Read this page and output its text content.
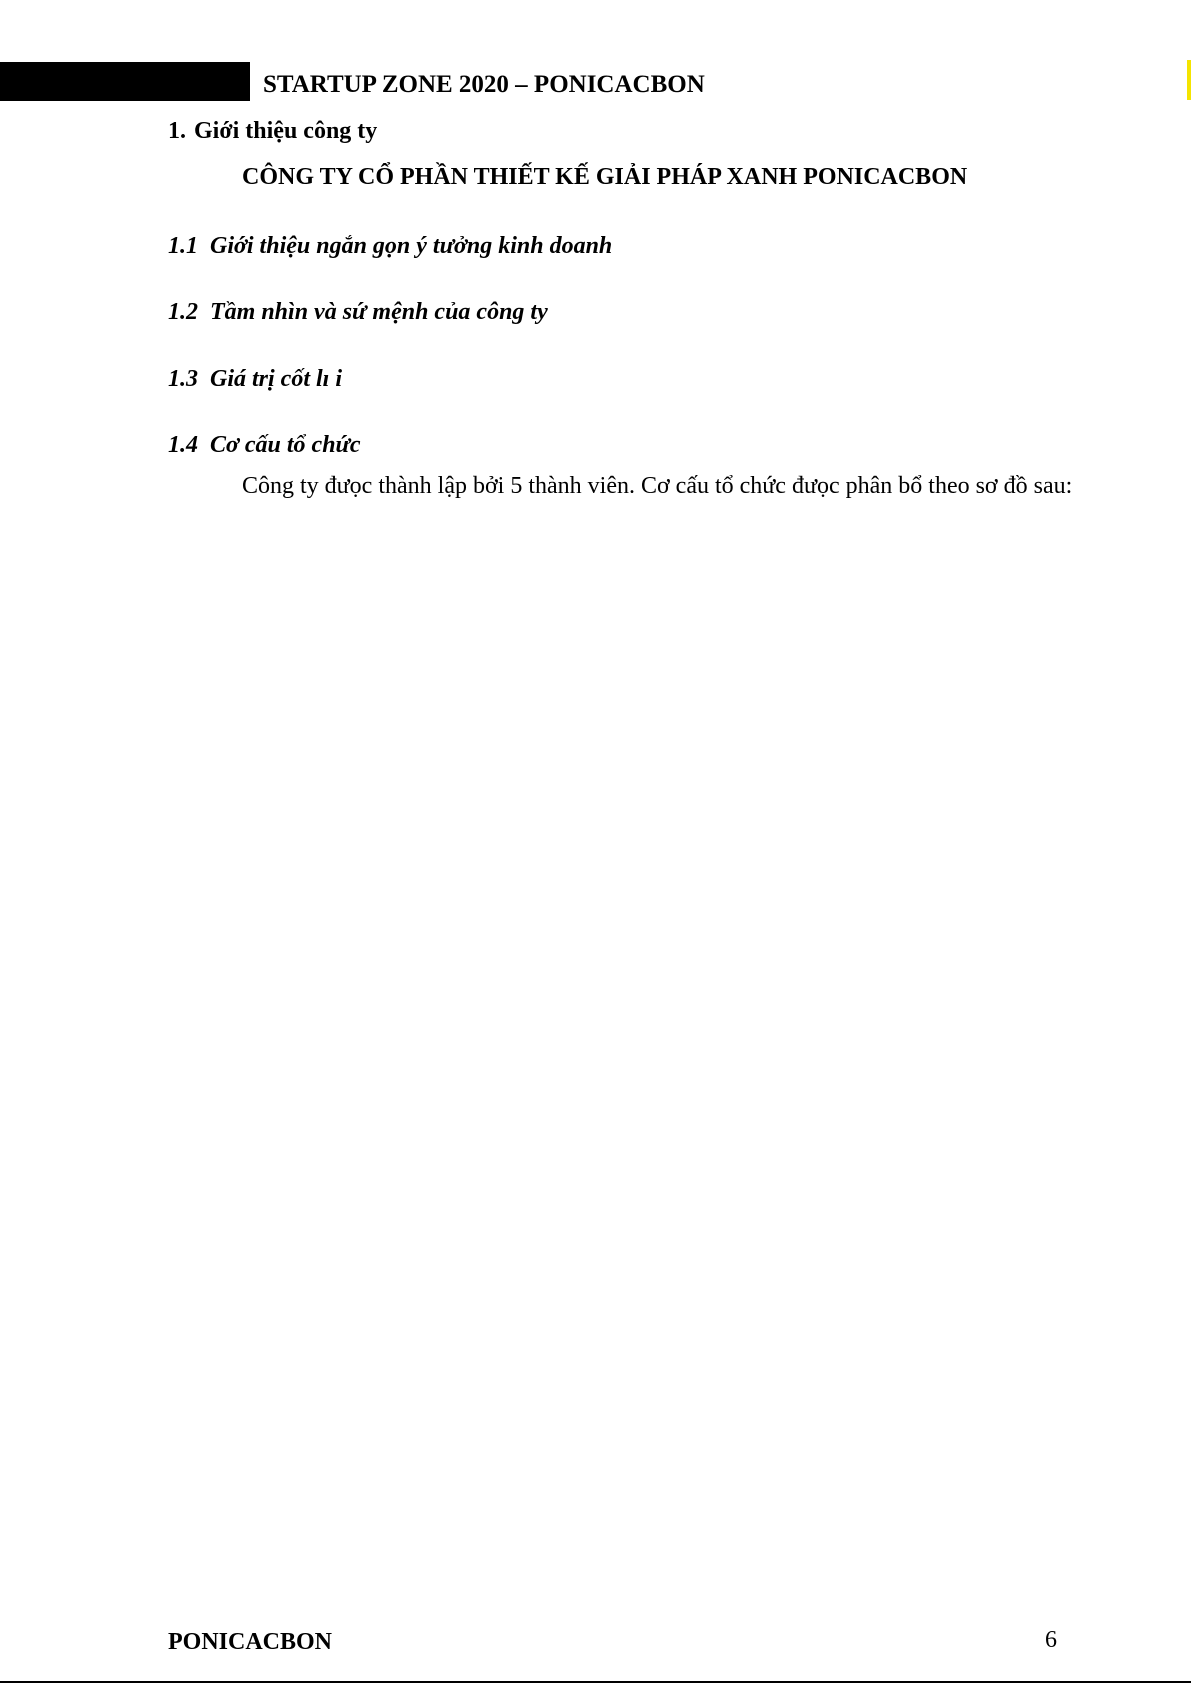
STARTUP ZONE 2020 – PONICACBON
1. Giới thiệu công ty
CÔNG TY CỔ PHẦN THIẾT KẾ GIẢI PHÁP XANH PONICACBON
1.1 Giới thiệu ngắn gọn ý tưởng kinh doanh
1.2 Tầm nhìn và sứ mệnh của công ty
1.3 Giá trị cốt lı i
1.4 Cơ cấu tổ chức

Công ty đưọc thành lập bởi 5 thành viên. Cơ cấu tổ chức đưọc phân bổ theo sơ đồ sau:

PONICACBON	6
